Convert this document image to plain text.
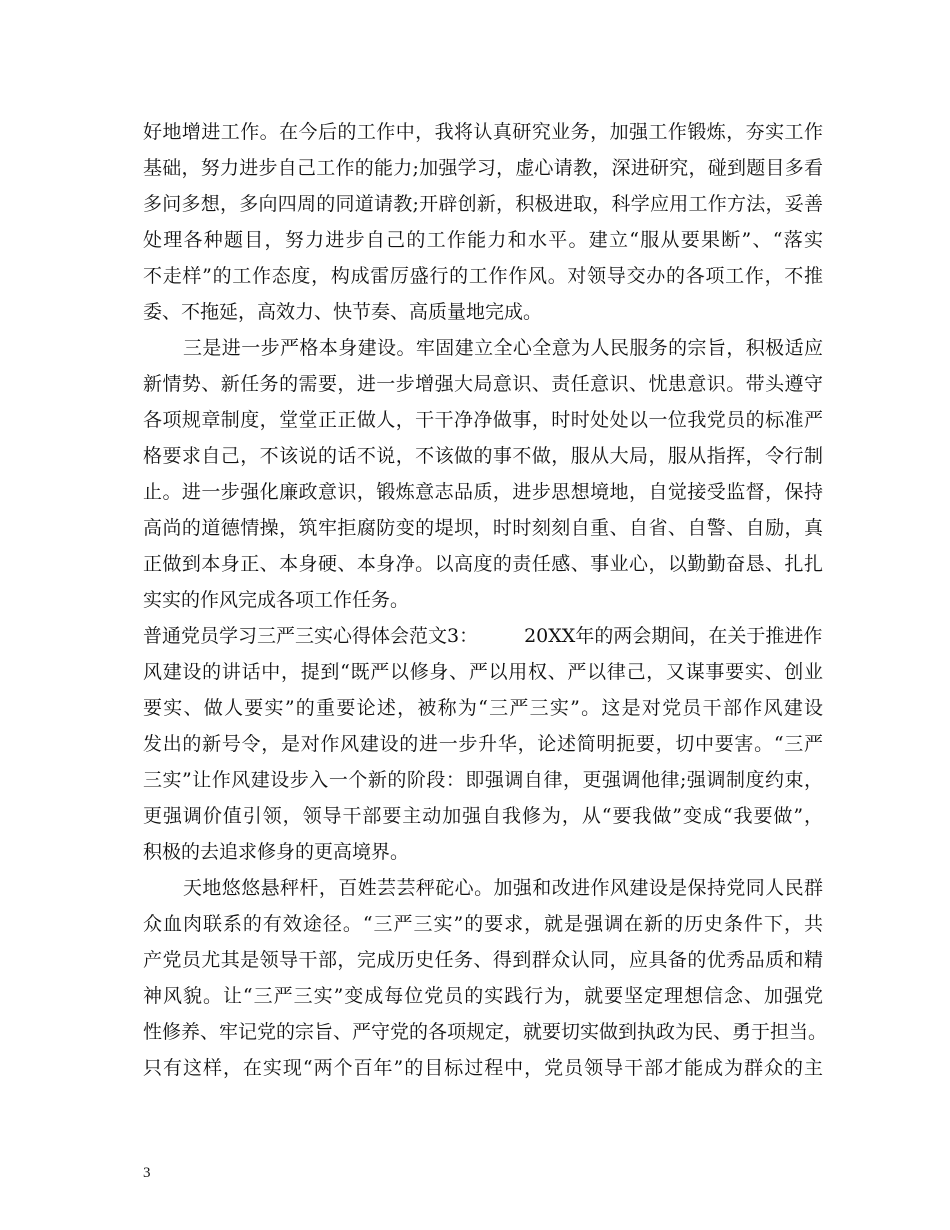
好地增进工作。在今后的工作中，我将认真研究业务，加强工作锻炼，夯实工作

基础，努力进步自己工作的能力;加强学习，虚心请教，深进研究，碰到题目多看

多问多想，多向四周的同道请教;开辟创新，积极进取，科学应用工作方法，妥善

处理各种题目，努力进步自己的工作能力和水平。建立“服从要果断”、“落实

不走样”的工作态度，构成雷厉盛行的工作作风。对领导交办的各项工作，不推

委、不拖延，高效力、快节奏、高质量地完成。

三是进一步严格本身建设。牢固建立全心全意为人民服务的宗旨，积极适应

新情势、新任务的需要，进一步增强大局意识、责任意识、忧患意识。带头遵守

各项规章制度，堂堂正正做人，干干净净做事，时时处处以一位我党员的标准严

格要求自己，不该说的话不说，不该做的事不做，服从大局，服从指挥，令行制

止。进一步强化廉政意识，锻炼意志品质，进步思想境地，自觉接受监督，保持

高尚的道德情操，筑牢拒腐防变的堤坝，时时刻刻自重、自省、自警、自励，真

正做到本身正、本身硬、本身净。以高度的责任感、事业心，以勤勤奋恳、扎扎

实实的作风完成各项工作任务。

普通党员学习三严三实心得体会范文3： 20XX年的两会期间，在关于推进作

风建设的讲话中，提到“既严以修身、严以用权、严以律己，又谋事要实、创业

要实、做人要实”的重要论述，被称为“三严三实”。这是对党员干部作风建设

发出的新号令，是对作风建设的进一步升华，论述简明扼要，切中要害。“三严

三实”让作风建设步入一个新的阶段：即强调自律，更强调他律;强调制度约束，

更强调价值引领，领导干部要主动加强自我修为，从“要我做”变成“我要做”，

积极的去追求修身的更高境界。

天地悠悠悬秤杆，百姓芸芸秤砣心。加强和改进作风建设是保持党同人民群

众血肉联系的有效途径。“三严三实”的要求，就是强调在新的历史条件下，共

产党员尤其是领导干部，完成历史任务、得到群众认同，应具备的优秀品质和精

神风貌。让“三严三实”变成每位党员的实践行为，就要坚定理想信念、加强党

性修养、牢记党的宗旨、严守党的各项规定，就要切实做到执政为民、勇于担当。

只有这样，在实现“两个百年”的目标过程中，党员领导干部才能成为群众的主

3
